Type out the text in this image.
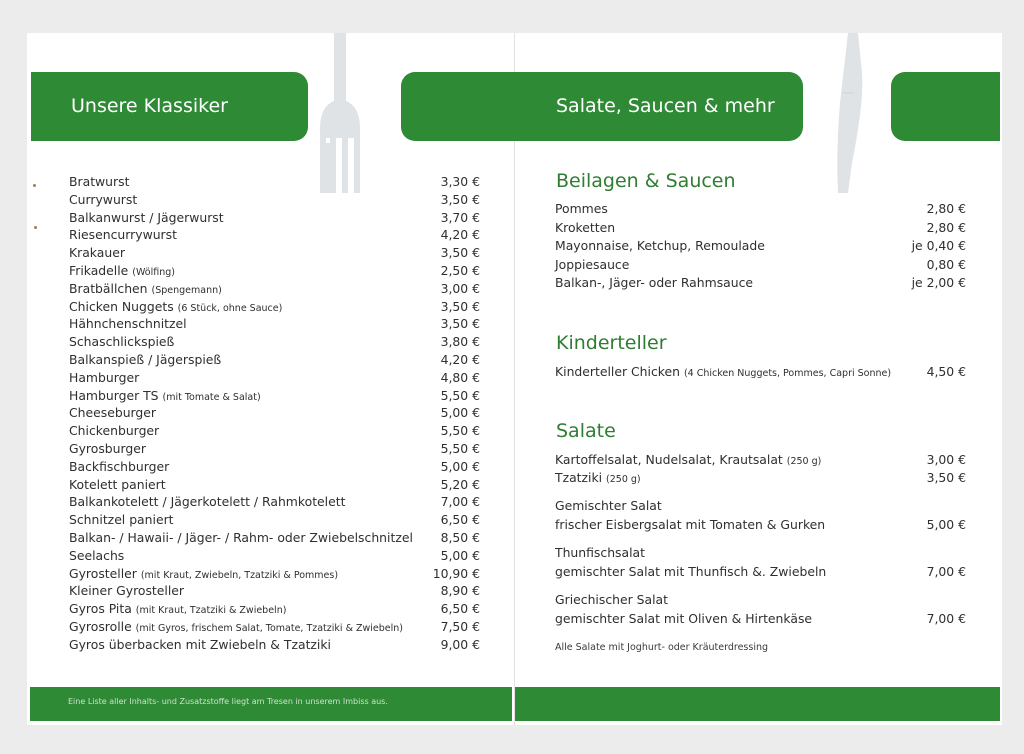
Unsere Klassiker	Salate, Saucen & mehr
Bratwurst	3,30 €
Currywurst	3,50 €
Balkanwurst / Jägerwurst	3,70 €
Riesencurrywurst	4,20 €
Krakauer	3,50 €
Frikadelle (Wölfing)	2,50 €
Bratbällchen (Spengemann)	3,00 €
Chicken Nuggets (6 Stück, ohne Sauce)	3,50 €
Hähnchenschnitzel	3,50 €
Schaschlickspieß	3,80 €
Balkanspieß / Jägerspieß	4,20 €
Hamburger	4,80 €
Hamburger TS (mit Tomate & Salat)	5,50 €
Cheeseburger	5,00 €
Chickenburger	5,50 €
Gyrosburger	5,50 €
Backfischburger	5,00 €
Kotelett paniert	5,20 €
Balkankotelett / Jägerkotelett / Rahmkotelett	7,00 €
Schnitzel paniert	6,50 €
Balkan- / Hawaii- / Jäger- / Rahm- oder Zwiebelschnitzel 8,50 €
Seelachs	5,00 €
Gyrosteller (mit Kraut, Zwiebeln, Tzatziki & Pommes)	10,90 €
Kleiner Gyrosteller	8,90 €
Gyros Pita (mit Kraut, Tzatziki & Zwiebeln)	6,50 €
Gyrosrolle (mit Gyros, frischem Salat, Tomate, Tzatziki & Zwiebeln)	7,50 €
Gyros überbacken mit Zwiebeln & Tzatziki	9,00 €
Beilagen & Saucen
Pommes	2,80 €
Kroketten	2,80 €
Mayonnaise, Ketchup, Remoulade	je 0,40 €
Joppiesauce	0,80 €
Balkan-, Jäger- oder Rahmsauce	je 2,00 €
Kinderteller
Kinderteller Chicken (4 Chicken Nuggets, Pommes, Capri Sonne)	4,50 €
Salate
Kartoffelsalat, Nudelsalat, Krautsalat (250 g)	3,00 €
Tzatziki (250 g)	3,50 €
Gemischter Salat
frischer Eisbergsalat mit Tomaten & Gurken	5,00 €
Thunfischsalat
gemischter Salat mit Thunfisch &. Zwiebeln	7,00 €
Griechischer Salat
gemischter Salat mit Oliven & Hirtenkäse	7,00 €
Alle Salate mit Joghurt- oder Kräuterdressing
Eine Liste aller Inhalts- und Zusatzstoffe liegt am Tresen in unserem Imbiss aus.
